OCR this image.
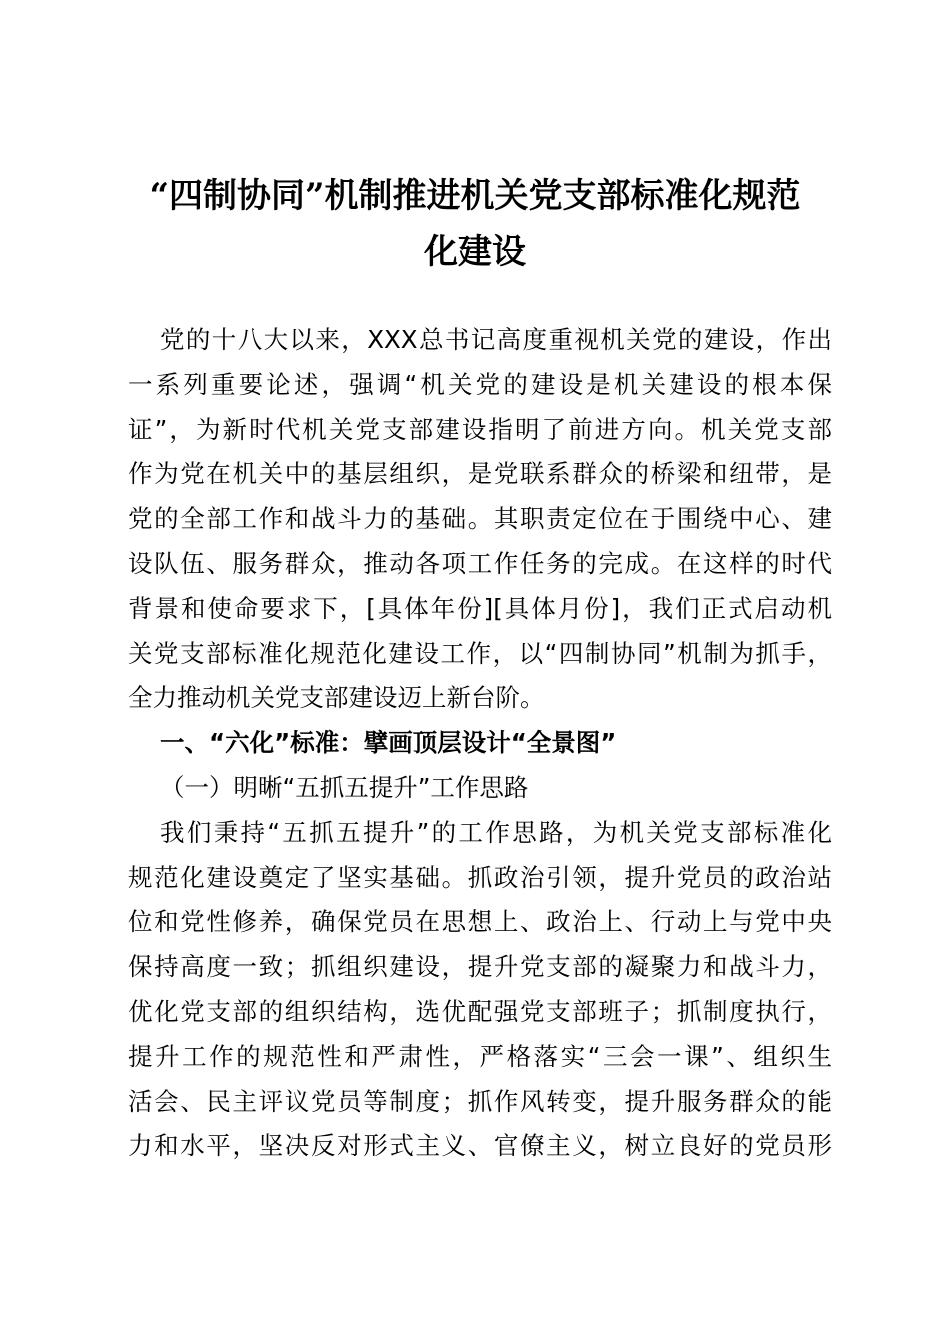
“四制协同”机制推进机关党支部标准化规范
化建设
党的十八大以来，XXX总书记高度重视机关党的建设，作出
一系列重要论述，强调“机关党的建设是机关建设的根本保
证”，为新时代机关党支部建设指明了前进方向。机关党支部
作为党在机关中的基层组织，是党联系群众的桥梁和纽带，是
党的全部工作和战斗力的基础。其职责定位在于围绕中心、建
设队伍、服务群众，推动各项工作任务的完成。在这样的时代
背景和使命要求下，[具体年份][具体月份]，我们正式启动机
关党支部标准化规范化建设工作，以“四制协同”机制为抓手，
全力推动机关党支部建设迈上新台阶。
一、“六化”标准：擘画顶层设计“全景图”
（一）明晰“五抓五提升”工作思路
我们秉持“五抓五提升”的工作思路，为机关党支部标准化
规范化建设奠定了坚实基础。抓政治引领，提升党员的政治站
位和党性修养，确保党员在思想上、政治上、行动上与党中央
保持高度一致；抓组织建设，提升党支部的凝聚力和战斗力，
优化党支部的组织结构，选优配强党支部班子；抓制度执行，
提升工作的规范性和严肃性，严格落实“三会一课”、组织生
活会、民主评议党员等制度；抓作风转变，提升服务群众的能
力和水平，坚决反对形式主义、官僚主义，树立良好的党员形
